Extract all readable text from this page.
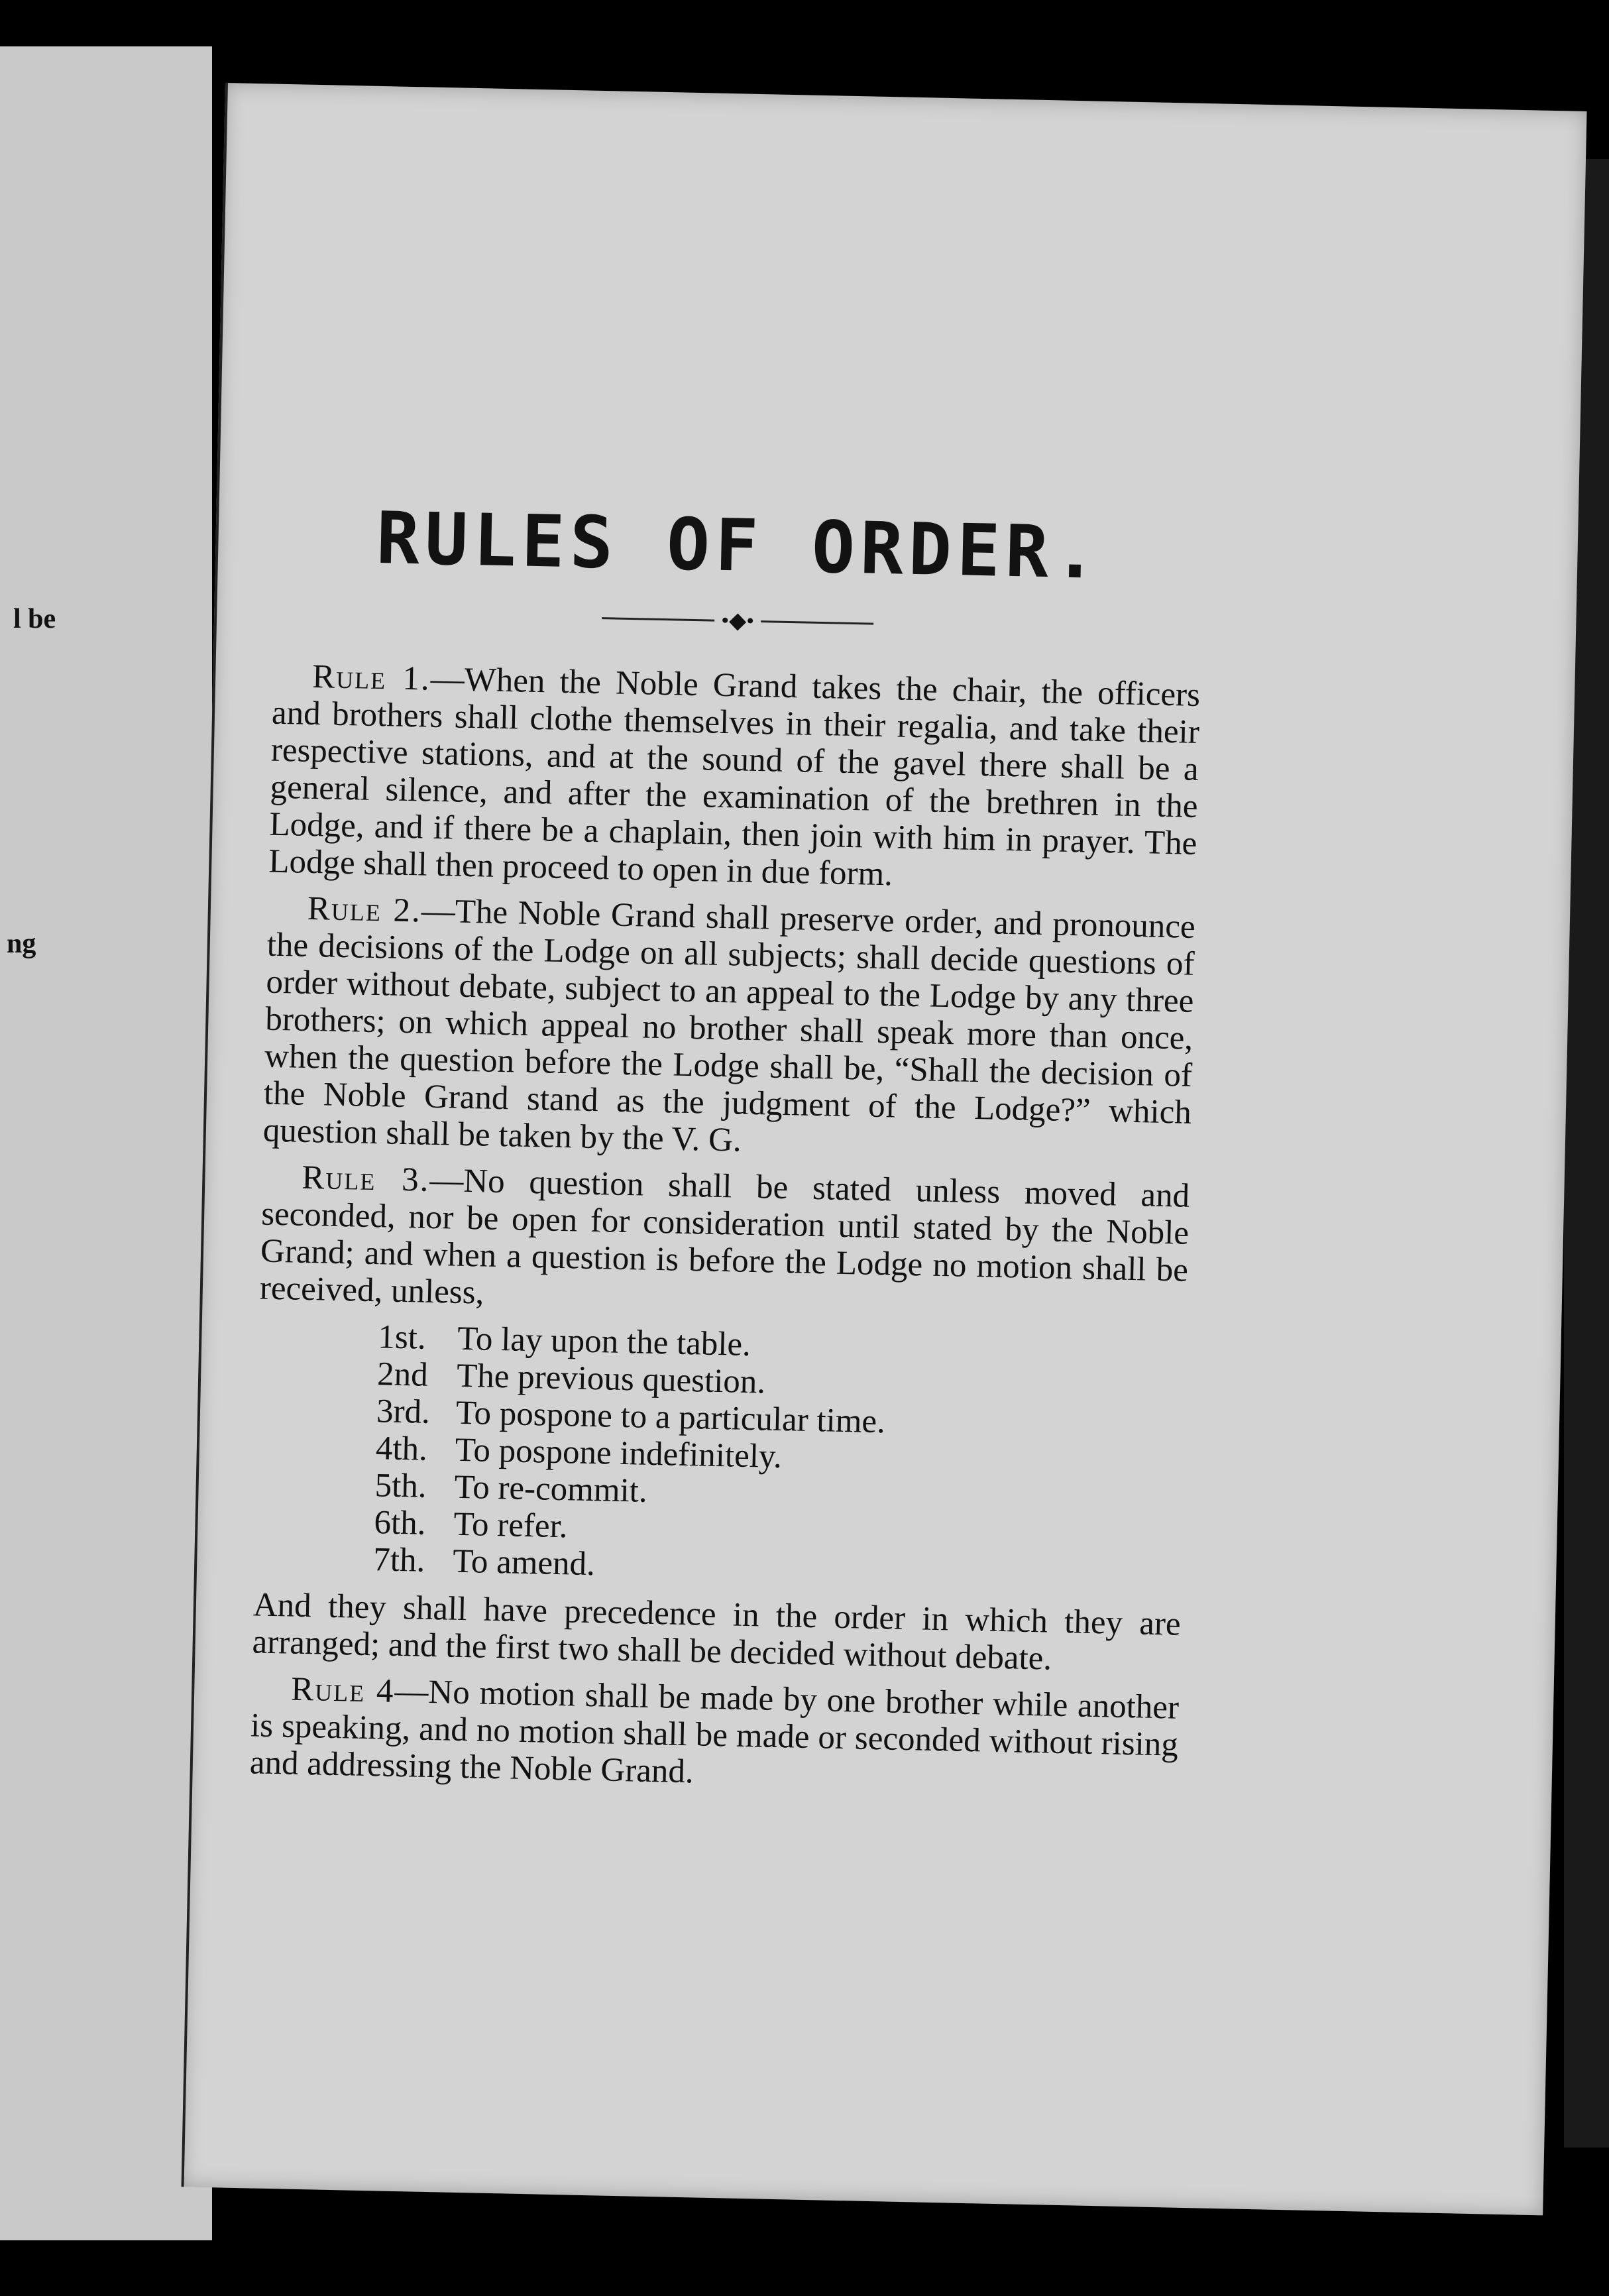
l be
ng
RULES OF ORDER.
•◆•

Rule 1.—When the Noble Grand takes the chair, the officers and brothers shall clothe themselves in their regalia, and take their respective stations, and at the sound of the gavel there shall be a general silence, and after the examination of the brethren in the Lodge, and if there be a chaplain, then join with him in prayer. The Lodge shall then proceed to open in due form.

Rule 2.—The Noble Grand shall preserve order, and pronounce the decisions of the Lodge on all subjects; shall decide questions of order without debate, subject to an appeal to the Lodge by any three brothers; on which appeal no brother shall speak more than once, when the question before the Lodge shall be, “Shall the decision of the Noble Grand stand as the judgment of the Lodge?” which question shall be taken by the V. G.

Rule 3.—No question shall be stated unless moved and seconded, nor be open for consideration until stated by the Noble Grand; and when a question is before the Lodge no motion shall be received, unless,

1st. To lay upon the table.
2nd The previous question.
3rd. To pospone to a particular time.
4th. To pospone indefinitely.
5th. To re-commit.
6th. To refer.
7th. To amend.

And they shall have precedence in the order in which they are arranged; and the first two shall be decided without debate.

Rule 4—No motion shall be made by one brother while another is speaking, and no motion shall be made or seconded without rising and addressing the Noble Grand.
